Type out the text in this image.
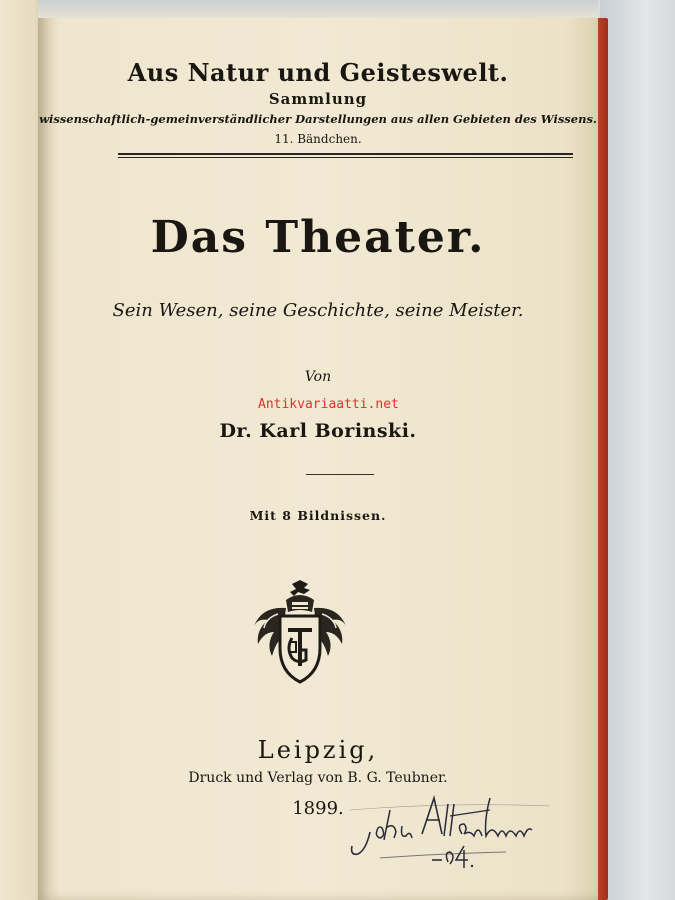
Aus Natur und Geisteswelt.

Sammlung

wissenschaftlich-gemeinverständlicher Darstellungen aus allen Gebieten des Wissens.

11. Bändchen.

Das Theater.

Sein Wesen, seine Geschichte, seine Meister.

Von

Dr. Karl Borinski.

Mit 8 Bildnissen.

Leipzig,

Druck und Verlag von B. G. Teubner.

1899.

Antikvariaatti.net
